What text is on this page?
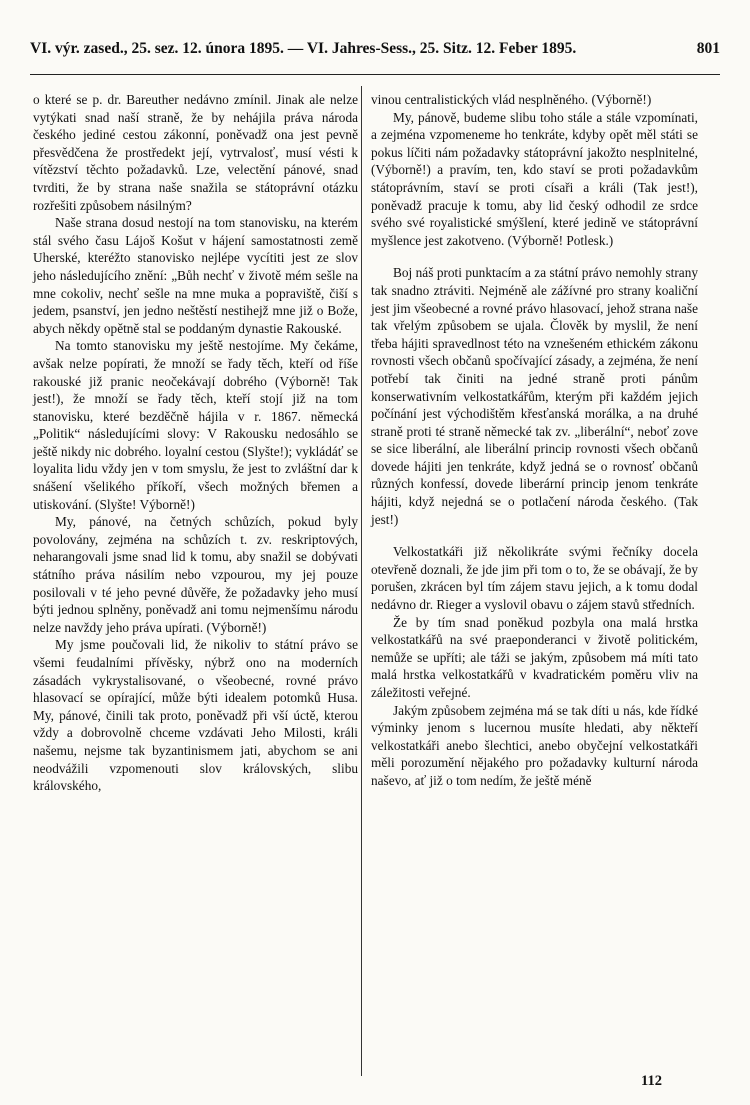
VI. výr. zased., 25. sez. 12. února 1895. — VI. Jahres-Sess., 25. Sitz. 12. Feber 1895.	801

o které se p. dr. Bareuther nedávno zmínil. Jinak ale nelze vytýkati snad naší straně, že by nehájila práva národa českého jediné cestou zákonní, poněvadž ona jest pevně přesvědčena že prostředekt její, vytrvalosť, musí vésti k vítězství těchto požadavků. Lze, velectění pánové, snad tvrditi, že by strana naše snažila se státoprávní otázku rozřešiti způsobem násilným?

Naše strana dosud nestojí na tom stanovisku, na kterém stál svého času Lájoš Košut v hájení samostatnosti země Uherské, kteréžto stanovisko nejlépe vycítiti jest ze slov jeho následujícího znění: „Bůh nechť v životě mém sešle na mne cokoliv, nechť sešle na mne muka a popraviště, čiší s jedem, psanství, jen jedno neštěstí nestihejž mne již o Bože, abych někdy opětně stal se poddaným dynastie Rakouské.

Na tomto stanovisku my ještě nestojíme. My čekáme, avšak nelze popírati, že množí se řady těch, kteří od říše rakouské již pranic neočekávají dobrého (Výborně! Tak jest!), že množí se řady těch, kteří stojí již na tom stanovisku, které bezděčně hájila v r. 1867. německá „Politik“ následujícími slovy: V Rakousku nedosáhlo se ještě nikdy nic dobrého. loyalní cestou (Slyšte!); vykládáť se loyalita lidu vždy jen v tom smyslu, že jest to zvláštní dar k snášení všelikého příkoří, všech možných břemen a utiskování. (Slyšte! Výborně!)

My, pánové, na četných schůzích, pokud byly povolovány, zejména na schůzích t. zv. reskriptových, neharangovali jsme snad lid k tomu, aby snažil se dobývati státního práva násilím nebo vzpourou, my jej pouze posilovali v té jeho pevné důvěře, že požadavky jeho musí býti jednou splněny, poněvadž ani tomu nejmenšímu národu nelze navždy jeho práva upírati. (Výborně!)

My jsme poučovali lid, že nikoliv to státní právo se všemi feudalními přívěsky, nýbrž ono na moderních zásadách vykrystalisované, o všeobecné, rovné právo hlasovací se opírající, může býti idealem potomků Husa. My, pánové, činili tak proto, poněvadž při vší úctě, kterou vždy a dobrovolně chceme vzdávati Jeho Milosti, králi našemu, nejsme tak byzantinismem jati, abychom se ani neodvážili vzpomenouti slov královských, slibu královského,

vinou centralistických vlád nesplněného. (Výborně!)

My, pánově, budeme slibu toho stále a stále vzpomínati, a zejména vzpomeneme ho tenkráte, kdyby opět měl státi se pokus líčiti nám požadavky státoprávní jakožto nesplnitelné, (Výborně!) a pravím, ten, kdo staví se proti požadavkům státoprávním, staví se proti císaři a králi (Tak jest!), poněvadž pracuje k tomu, aby lid český odhodil ze srdce svého své royalistické smýšlení, které jedině ve státoprávní myšlence jest zakotveno. (Výborně! Potlesk.)

Boj náš proti punktacím a za státní právo nemohly strany tak snadno ztráviti. Nejméně ale zážívné pro strany koaliční jest jim všeobecné a rovné právo hlasovací, jehož strana naše tak vřelým způsobem se ujala. Člověk by myslil, že není třeba hájiti spravedlnost této na vznešeném ethickém zákonu rovnosti všech občanů spočívající zásady, a zejména, že není potřebí tak činiti na jedné straně proti pánům konserwativním velkostatkářům, kterým při každém jejich počínání jest východištěm křesťanská morálka, a na druhé straně proti té straně německé tak zv. „liberální“, neboť zove se sice liberální, ale liberální princip rovnosti všech občanů dovede hájiti jen tenkráte, když jedná se o rovnosť občanů různých konfessí, dovede liberární princip jenom tenkráte hájiti, když nejedná se o potlačení národa českého. (Tak jest!)

Velkostatkáři již několikráte svými řečníky docela otevřeně doznali, že jde jim při tom o to, že se obávají, že by porušen, zkrácen byl tím zájem stavu jejich, a k tomu dodal nedávno dr. Rieger a vyslovil obavu o zájem stavů středních.

Že by tím snad poněkud pozbyla ona malá hrstka velkostatkářů na své praeponderanci v životě politickém, nemůže se upříti; ale táži se jakým, způsobem má míti tato malá hrstka velkostatkářů v kvadratickém poměru vliv na záležitosti veřejné.

Jakým způsobem zejména má se tak díti u nás, kde řídké výminky jenom s lucernou musíte hledati, aby někteří velkostatkáři anebo šlechtici, anebo obyčejní velkostatkáři měli porozumění nějakého pro požadavky kulturní národa naševo, ať již o tom nedím, že ještě méně

112
